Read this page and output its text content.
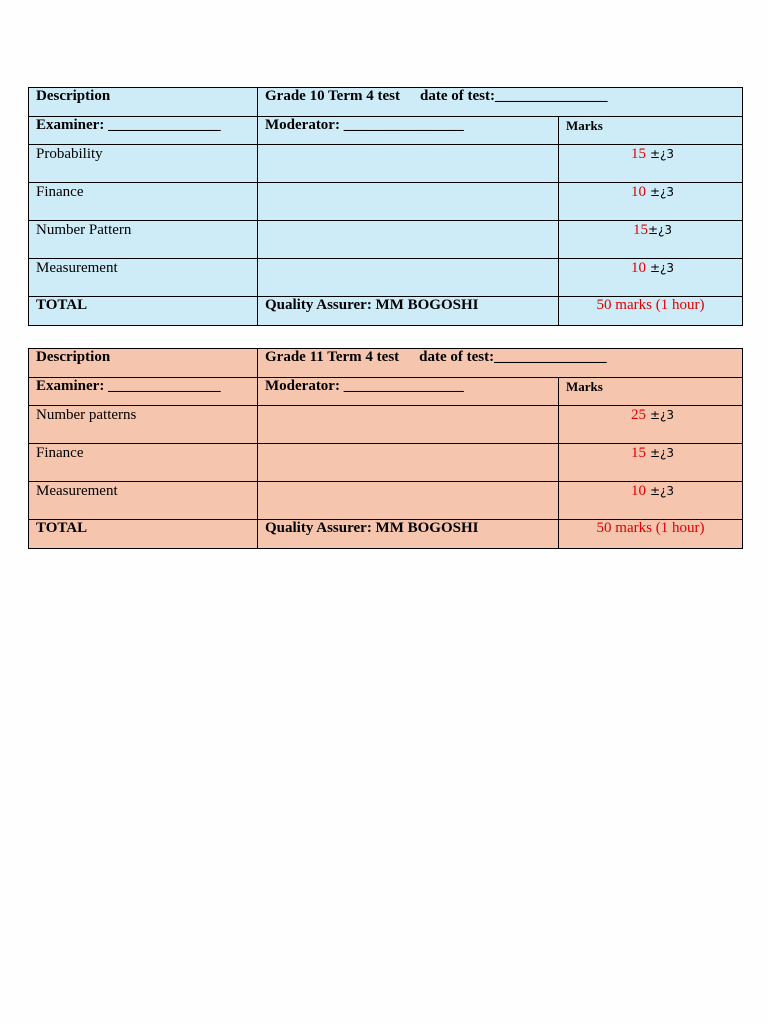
Description	Grade 10 Term 4 test date of test:_______________	
Examiner: _______________	Moderator: ________________	Marks
Probability		15 ±¿3

Finance		10 ±¿3

Number Pattern		15±¿3

Measurement		10 ±¿3

TOTAL	Quality Assurer: MM BOGOSHI	50 marks (1 hour)
Description	Grade 11 Term 4 test date of test:_______________	
Examiner: _______________	Moderator: ________________	Marks
Number patterns		25 ±¿3

Finance		15 ±¿3

Measurement		10 ±¿3

TOTAL	Quality Assurer: MM BOGOSHI	50 marks (1 hour)
